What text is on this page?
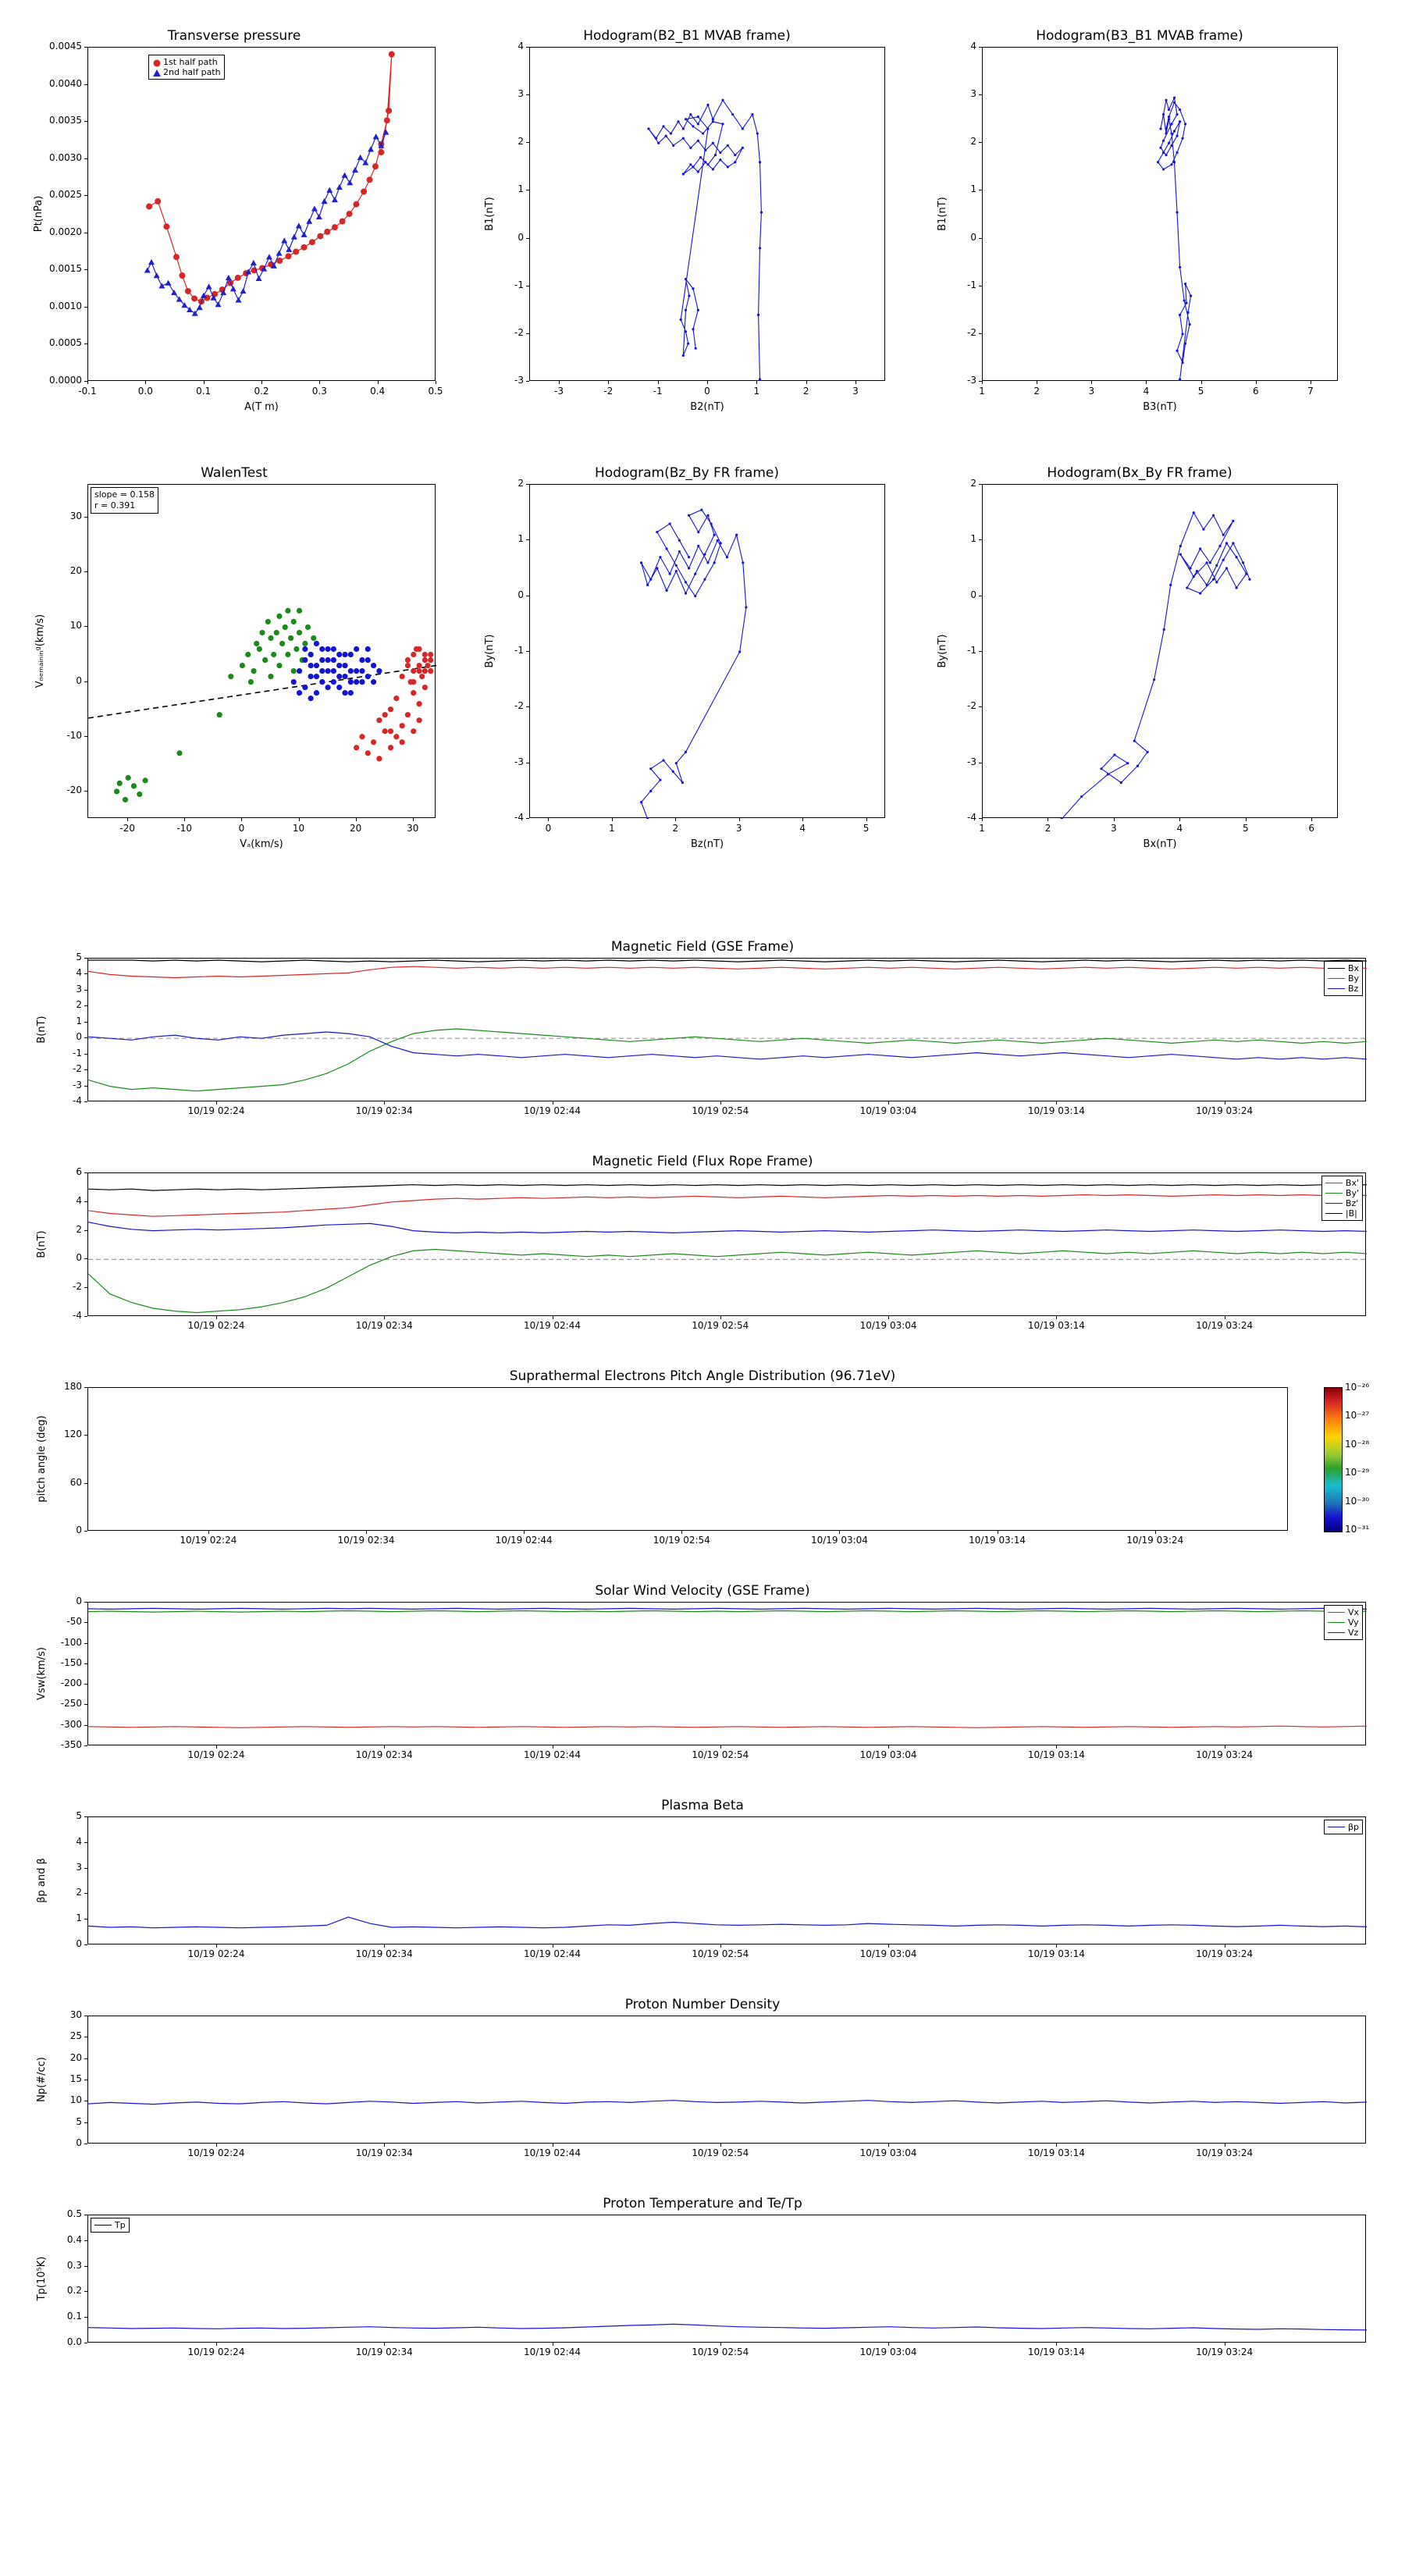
Transverse pressure
0.0000
0.0005
0.0010
0.0015
0.0020
0.0025
0.0030
0.0035
0.0040
0.0045
-0.1	0.0	0.1	0.2	0.3	0.4	0.5
Pt(nPa)
A(T m)
1st half path
2nd half path
Hodogram(B2_B1 MVAB frame)
-3
-2
-1
0
1
2
3
4
-3	-2	-1	0	1	2	3
B1(nT)
B2(nT)
Hodogram(B3_B1 MVAB frame)
-3
-2
-1
0
1
2
3
4
1	2	3	4	5	6	7
B1(nT)
B3(nT)
WalenTest
-20
-10
0
10
20
30
-20	-10	0	10	20	30
Vₙₑₘₐᵢₙᵢₙᵍ(km/s)
Vₐ(km/s)
slope = 0.158
r = 0.391
Hodogram(Bz_By FR frame)
-4
-3
-2
-1
0
1
2
0	1	2	3	4	5
By(nT)
Bz(nT)
Hodogram(Bx_By FR frame)
-4
-3
-2
-1
0
1
2
1	2	3	4	5	6
By(nT)
Bx(nT)
Magnetic Field (GSE Frame)
-4
-3
-2
-1
0
1
2
3
4
5
10/19 02:24	10/19 02:34	10/19 02:44	10/19 02:54	10/19 03:04	10/19 03:14	10/19 03:24
B(nT)
Bx
By
Bz
Magnetic Field (Flux Rope Frame)
-4
-2
0
2
4
6
10/19 02:24	10/19 02:34	10/19 02:44	10/19 02:54	10/19 03:04	10/19 03:14	10/19 03:24
B(nT)
Bx'
By'
Bz'
|B|
Suprathermal Electrons Pitch Angle Distribution (96.71eV)
0
60
120
180
10/19 02:24	10/19 02:34	10/19 02:44	10/19 02:54	10/19 03:04	10/19 03:14	10/19 03:24
pitch angle (deg)
10⁻²⁶
10⁻²⁷
10⁻²⁸
10⁻²⁹
10⁻³⁰
10⁻³¹
Solar Wind Velocity (GSE Frame)
0
-50
-100
-150
-200
-250
-300
-350
10/19 02:24	10/19 02:34	10/19 02:44	10/19 02:54	10/19 03:04	10/19 03:14	10/19 03:24
Vsw(km/s)
Vx
Vy
Vz
Plasma Beta
0
1
2
3
4
5
10/19 02:24	10/19 02:34	10/19 02:44	10/19 02:54	10/19 03:04	10/19 03:14	10/19 03:24
βp and β
βp
Proton Number Density
0
5
10
15
20
25
30
10/19 02:24	10/19 02:34	10/19 02:44	10/19 02:54	10/19 03:04	10/19 03:14	10/19 03:24
Np(#/cc)
Proton Temperature and Te/Tp
0.0
0.1
0.2
0.3
0.4
0.5
10/19 02:24	10/19 02:34	10/19 02:44	10/19 02:54	10/19 03:04	10/19 03:14	10/19 03:24
Tp(10⁵K)
Tp
